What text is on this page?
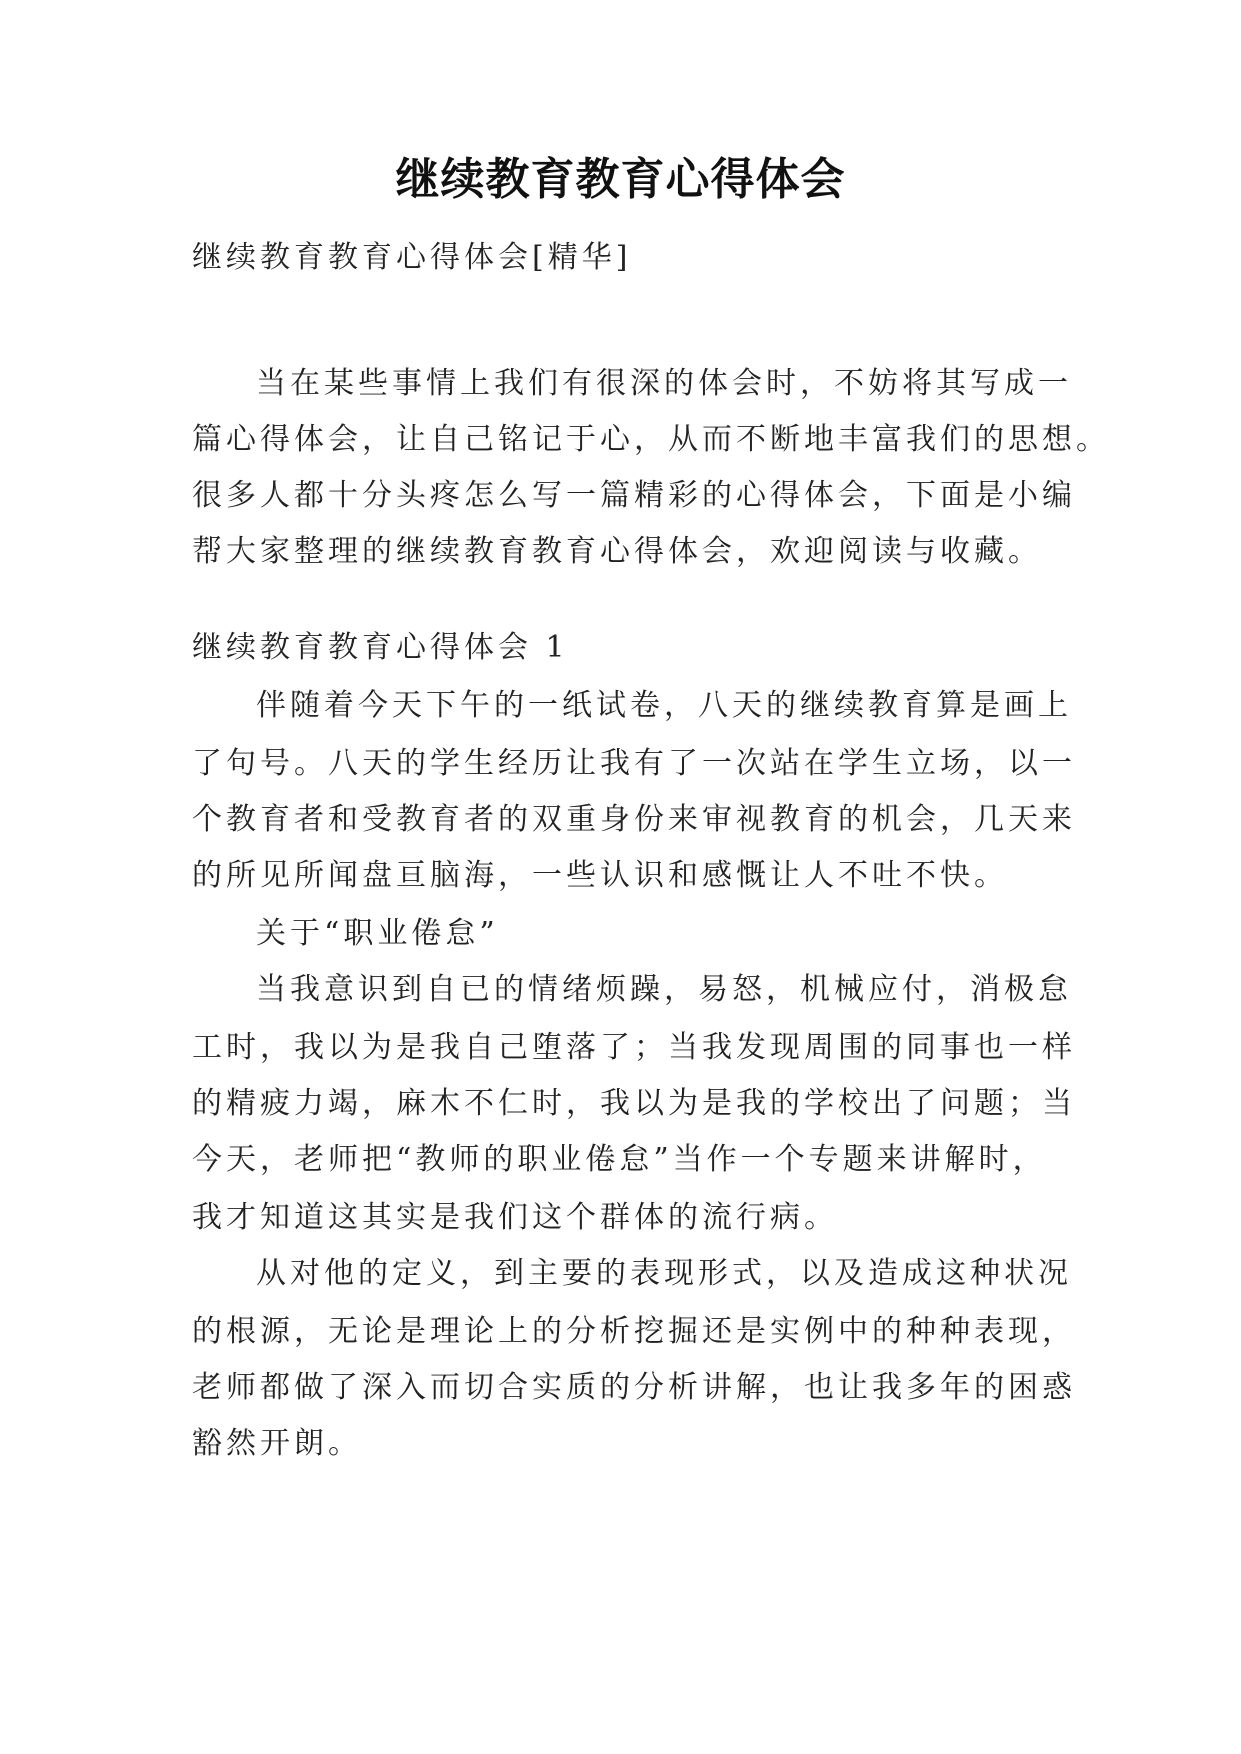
继续教育教育心得体会
继续教育教育心得体会[精华]
当在某些事情上我们有很深的体会时，不妨将其写成一
篇心得体会，让自己铭记于心，从而不断地丰富我们的思想。
很多人都十分头疼怎么写一篇精彩的心得体会，下面是小编
帮大家整理的继续教育教育心得体会，欢迎阅读与收藏。
继续教育教育心得体会 1
伴随着今天下午的一纸试卷，八天的继续教育算是画上
了句号。八天的学生经历让我有了一次站在学生立场，以一
个教育者和受教育者的双重身份来审视教育的机会，几天来
的所见所闻盘亘脑海，一些认识和感慨让人不吐不快。
关于“职业倦怠”
当我意识到自已的情绪烦躁，易怒，机械应付，消极怠
工时，我以为是我自己堕落了；当我发现周围的同事也一样
的精疲力竭，麻木不仁时，我以为是我的学校出了问题；当
今天，老师把“教师的职业倦怠”当作一个专题来讲解时，
我才知道这其实是我们这个群体的流行病。
从对他的定义，到主要的表现形式，以及造成这种状况
的根源，无论是理论上的分析挖掘还是实例中的种种表现，
老师都做了深入而切合实质的分析讲解，也让我多年的困惑
豁然开朗。
